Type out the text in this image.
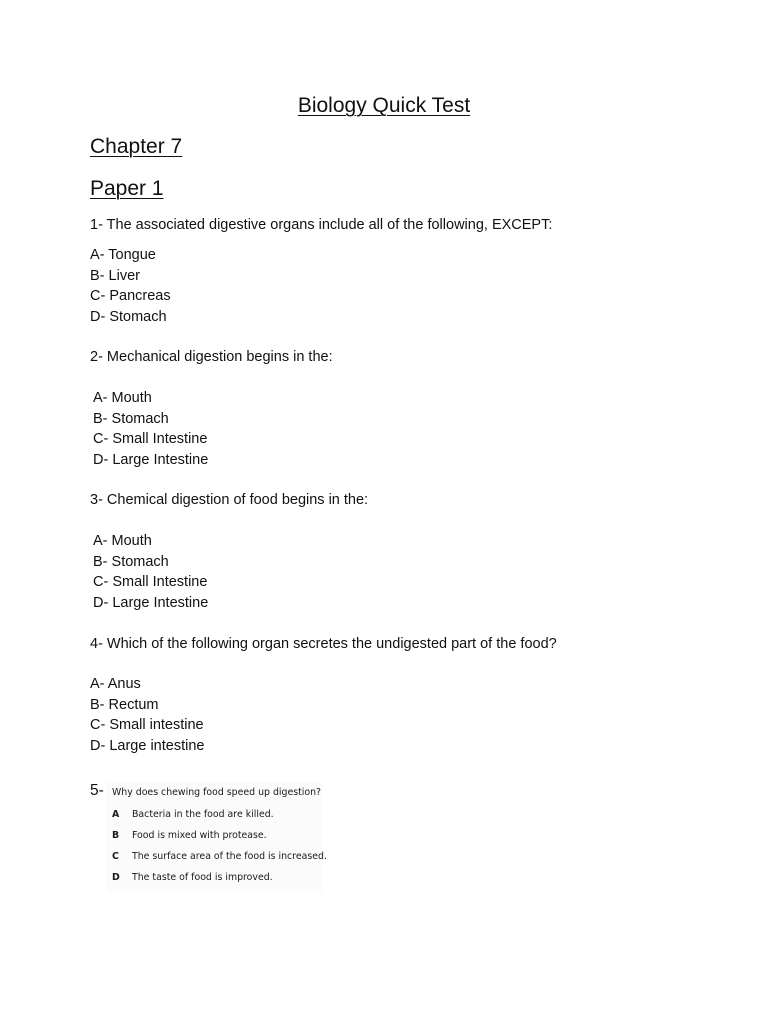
Biology Quick Test
Chapter 7
Paper 1
1- The associated digestive organs include all of the following, EXCEPT:
A- Tongue
B- Liver
C- Pancreas
D- Stomach
2- Mechanical digestion begins in the:
A- Mouth
B- Stomach
C- Small Intestine
D- Large Intestine
3- Chemical digestion of food begins in the:
A- Mouth
B- Stomach
C- Small Intestine
D- Large Intestine
4- Which of the following organ secretes the undigested part of the food?
A- Anus
B- Rectum
C- Small intestine
D- Large intestine
5- Why does chewing food speed up digestion?
A Bacteria in the food are killed.
B Food is mixed with protease.
C The surface area of the food is increased.
D The taste of food is improved.
